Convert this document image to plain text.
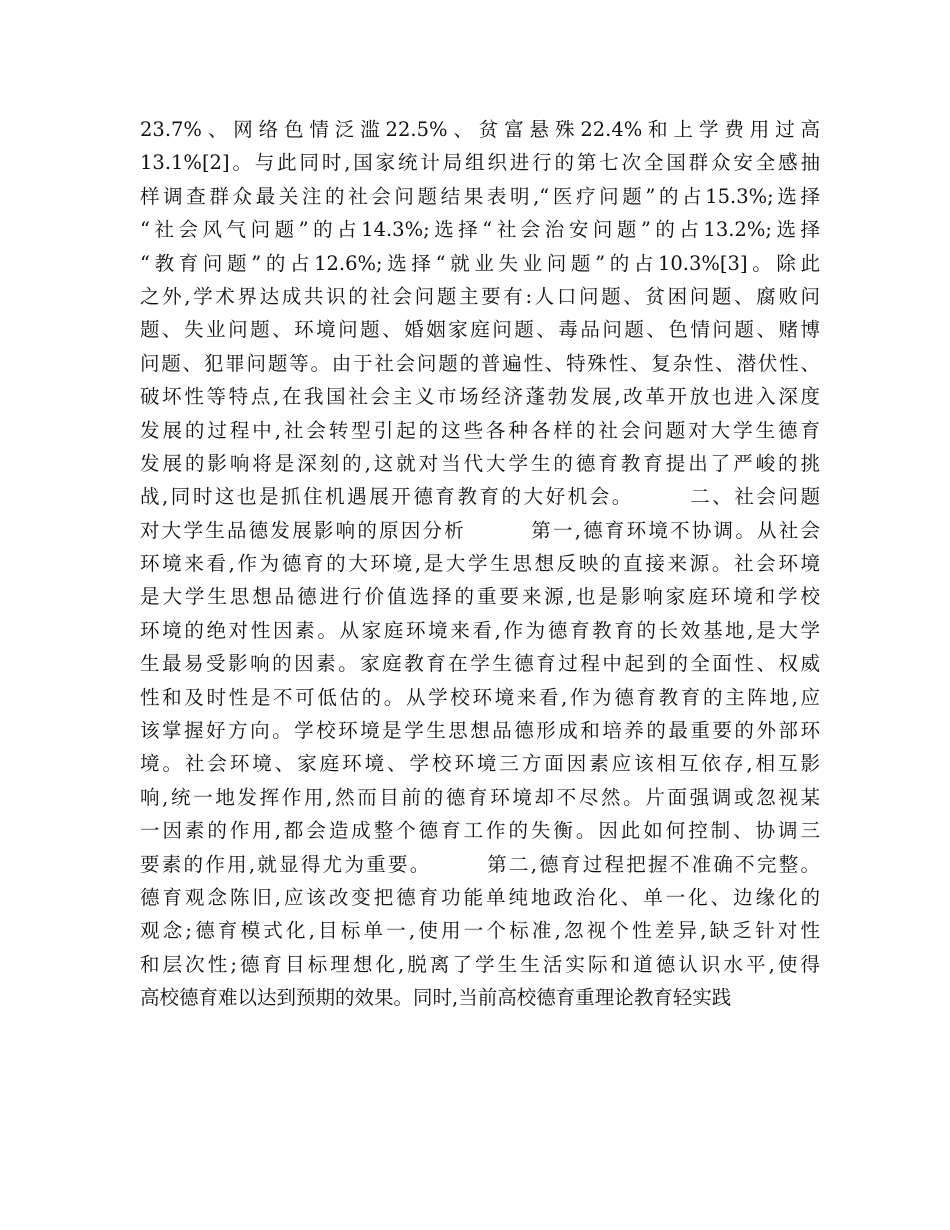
23.7%、网络色情泛滥22.5%、贫富悬殊22.4%和上学费用过高
13.1%[2]。与此同时,国家统计局组织进行的第七次全国群众安全感抽
样调查群众最关注的社会问题结果表明,“医疗问题”的占15.3%;选择
“社会风气问题”的占14.3%;选择“社会治安问题”的占13.2%;选择
“教育问题”的占12.6%;选择“就业失业问题”的占10.3%[3]。除此
之外,学术界达成共识的社会问题主要有:人口问题、贫困问题、腐败问
题、失业问题、环境问题、婚姻家庭问题、毒品问题、色情问题、赌博
问题、犯罪问题等。由于社会问题的普遍性、特殊性、复杂性、潜伏性、
破坏性等特点,在我国社会主义市场经济蓬勃发展,改革开放也进入深度
发展的过程中,社会转型引起的这些各种各样的社会问题对大学生德育
发展的影响将是深刻的,这就对当代大学生的德育教育提出了严峻的挑
战,同时这也是抓住机遇展开德育教育的大好机会。　　　二、社会问题
对大学生品德发展影响的原因分析　　　第一,德育环境不协调。从社会
环境来看,作为德育的大环境,是大学生思想反映的直接来源。社会环境
是大学生思想品德进行价值选择的重要来源,也是影响家庭环境和学校
环境的绝对性因素。从家庭环境来看,作为德育教育的长效基地,是大学
生最易受影响的因素。家庭教育在学生德育过程中起到的全面性、权威
性和及时性是不可低估的。从学校环境来看,作为德育教育的主阵地,应
该掌握好方向。学校环境是学生思想品德形成和培养的最重要的外部环
境。社会环境、家庭环境、学校环境三方面因素应该相互依存,相互影
响,统一地发挥作用,然而目前的德育环境却不尽然。片面强调或忽视某
一因素的作用,都会造成整个德育工作的失衡。因此如何控制、协调三
要素的作用,就显得尤为重要。　　　第二,德育过程把握不准确不完整。
德育观念陈旧,应该改变把德育功能单纯地政治化、单一化、边缘化的
观念;德育模式化,目标单一,使用一个标准,忽视个性差异,缺乏针对性
和层次性;德育目标理想化,脱离了学生生活实际和道德认识水平,使得
高校德育难以达到预期的效果。同时,当前高校德育重理论教育轻实践
